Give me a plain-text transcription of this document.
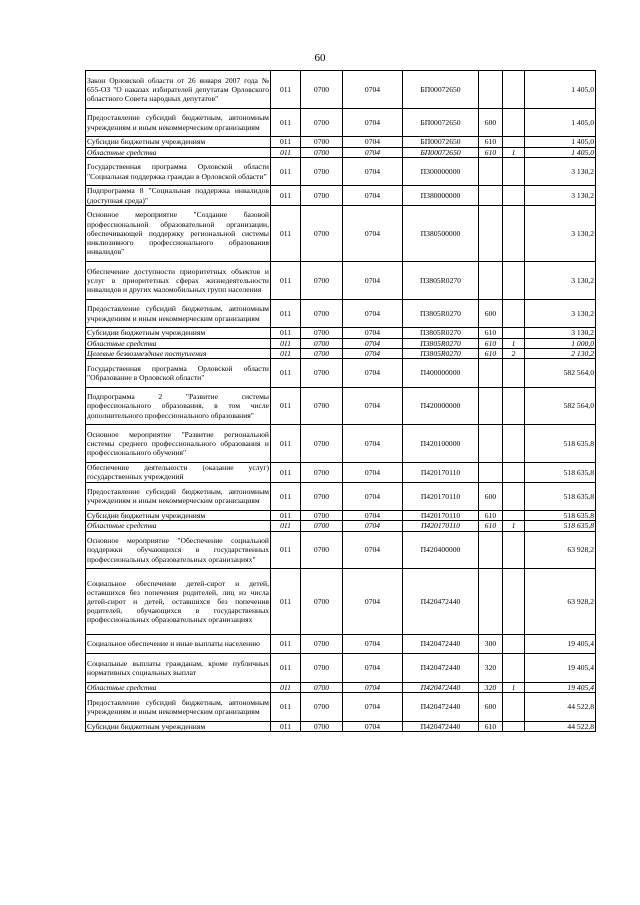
60
Закон Орловской области от 26 января 2007 года № 655-ОЗ "О наказах избирателей депутатам Орловского областного Совета народных депутатов"	011	0700	0704	БП00072650			1 405,0
Предоставление субсидий бюджетным, автономным учреждениям и иным некоммерческим организациям	011	0700	0704	БП00072650	600		1 405,0
Субсидии бюджетным учреждениям	011	0700	0704	БП00072650	610		1 405,0
Областные средства	011	0700	0704	БП00072650	610	1	1 405,0
Государственная программа Орловской области "Социальная поддержка граждан в Орловской области"	011	0700	0704	П300000000			3 130,2
Подпрограмма 8 "Социальная поддержка инвалидов (доступная среда)"	011	0700	0704	П380000000			3 130,2
Основное мероприятие "Создание базовой профессиональной образовательной организации, обеспечивающей поддержку региональной системы инклюзивного профессионального образования инвалидов"	011	0700	0704	П380500000			3 130,2
Обеспечение доступности приоритетных объектов и услуг в приоритетных сферах жизнедеятельности инвалидов и других маломобильных групп населения	011	0700	0704	П3805R0270			3 130,2
Предоставление субсидий бюджетным, автономным учреждениям и иным некоммерческим организациям	011	0700	0704	П3805R0270	600		3 130,2
Субсидии бюджетным учреждениям	011	0700	0704	П3805R0270	610		3 130,2
Областные средства	011	0700	0704	П3805R0270	610	1	1 000,0
Целевые безвозмездные поступления	011	0700	0704	П3805R0270	610	2	2 130,2
Государственная программа Орловской области "Образование в Орловской области"	011	0700	0704	П400000000			582 564,0
Подпрограмма 2 "Развитие системы профессионального образования, в том числе дополнительного профессионального образования"	011	0700	0704	П420000000			582 564,0
Основное мероприятие "Развитие региональной системы среднего профессионального образования и профессионального обучения"	011	0700	0704	П420100000			518 635,8
Обеспечение деятельности (оказание услуг) государственных учреждений	011	0700	0704	П420170110			518 635,8
Предоставление субсидий бюджетным, автономным учреждениям и иным некоммерческим организациям	011	0700	0704	П420170110	600		518 635,8
Субсидии бюджетным учреждениям	011	0700	0704	П420170110	610		518 635,8
Областные средства	011	0700	0704	П420170110	610	1	518 635,8
Основное мероприятие "Обеспечение социальной поддержки обучающихся в государственных профессиональных образовательных организациях"	011	0700	0704	П420400000			63 928,2
Социальное обеспечение детей-сирот и детей, оставшихся без попечения родителей, лиц из числа детей-сирот и детей, оставшихся без попечения родителей, обучающихся в государственных профессиональных образовательных организациях	011	0700	0704	П420472440			63 928,2
Социальное обеспечение и иные выплаты населению	011	0700	0704	П420472440	300		19 405,4
Социальные выплаты гражданам, кроме публичных нормативных социальных выплат	011	0700	0704	П420472440	320		19 405,4
Областные средства	011	0700	0704	П420472440	320	1	19 405,4
Предоставление субсидий бюджетным, автономным учреждениям и иным некоммерческим организациям	011	0700	0704	П420472440	600		44 522,8
Субсидии бюджетным учреждениям	011	0700	0704	П420472440	610		44 522,8
